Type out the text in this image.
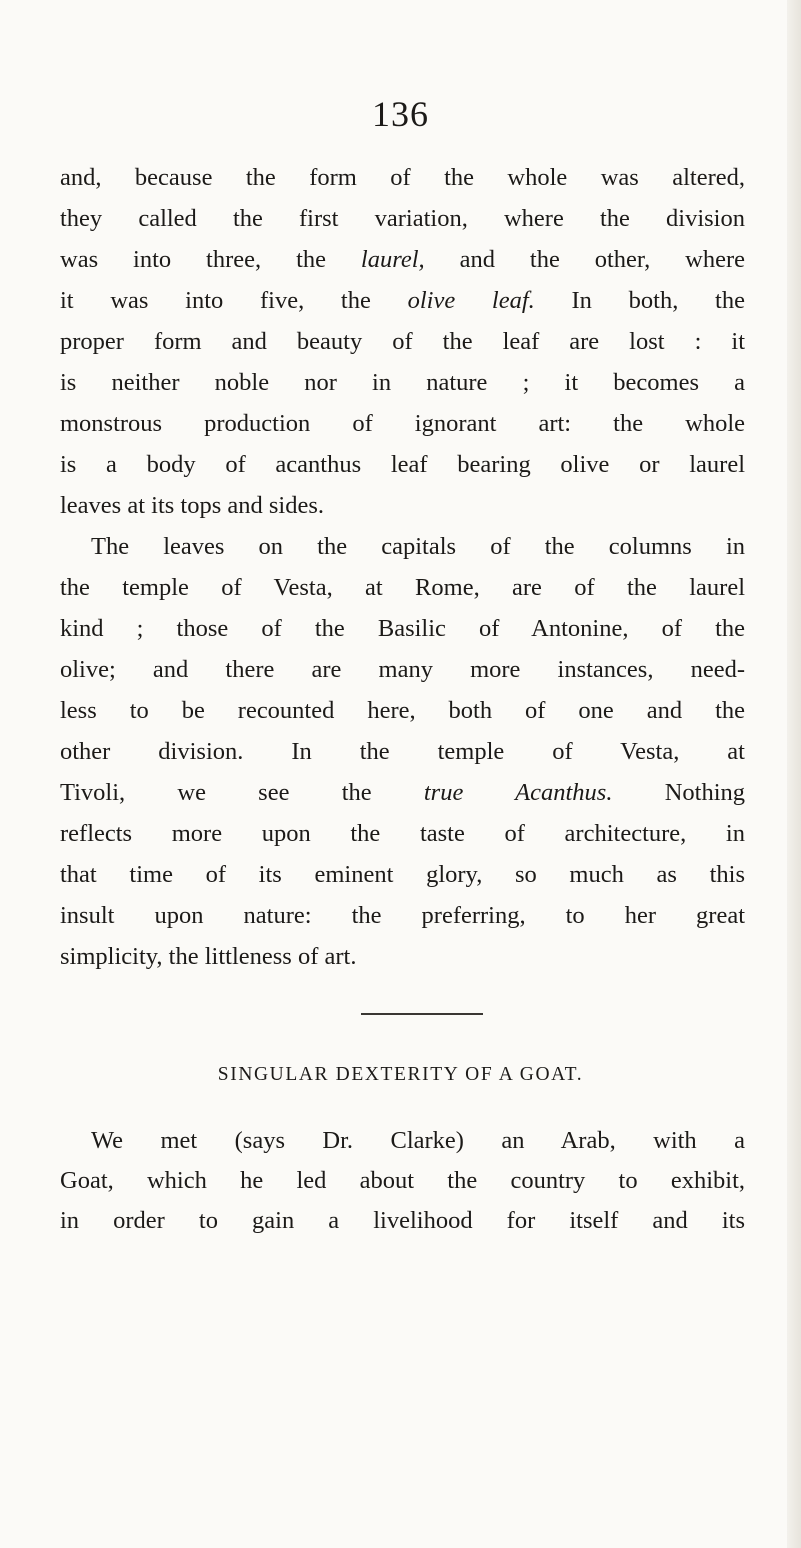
136
and, because the form of the whole was altered,
they called the first variation, where the division
was into three, the laurel, and the other, where
it was into five, the olive leaf. In both, the
proper form and beauty of the leaf are lost : it
is neither noble nor in nature ; it becomes a
monstrous production of ignorant art: the whole
is a body of acanthus leaf bearing olive or laurel
leaves at its tops and sides.
The leaves on the capitals of the columns in
the temple of Vesta, at Rome, are of the laurel
kind ; those of the Basilic of Antonine, of the
olive; and there are many more instances, need-
less to be recounted here, both of one and the
other division. In the temple of Vesta, at
Tivoli, we see the true Acanthus. Nothing
reflects more upon the taste of architecture, in
that time of its eminent glory, so much as this
insult upon nature: the preferring, to her great
simplicity, the littleness of art.
SINGULAR DEXTERITY OF A GOAT.
We met (says Dr. Clarke) an Arab, with a
Goat, which he led about the country to exhibit,
in order to gain a livelihood for itself and its
